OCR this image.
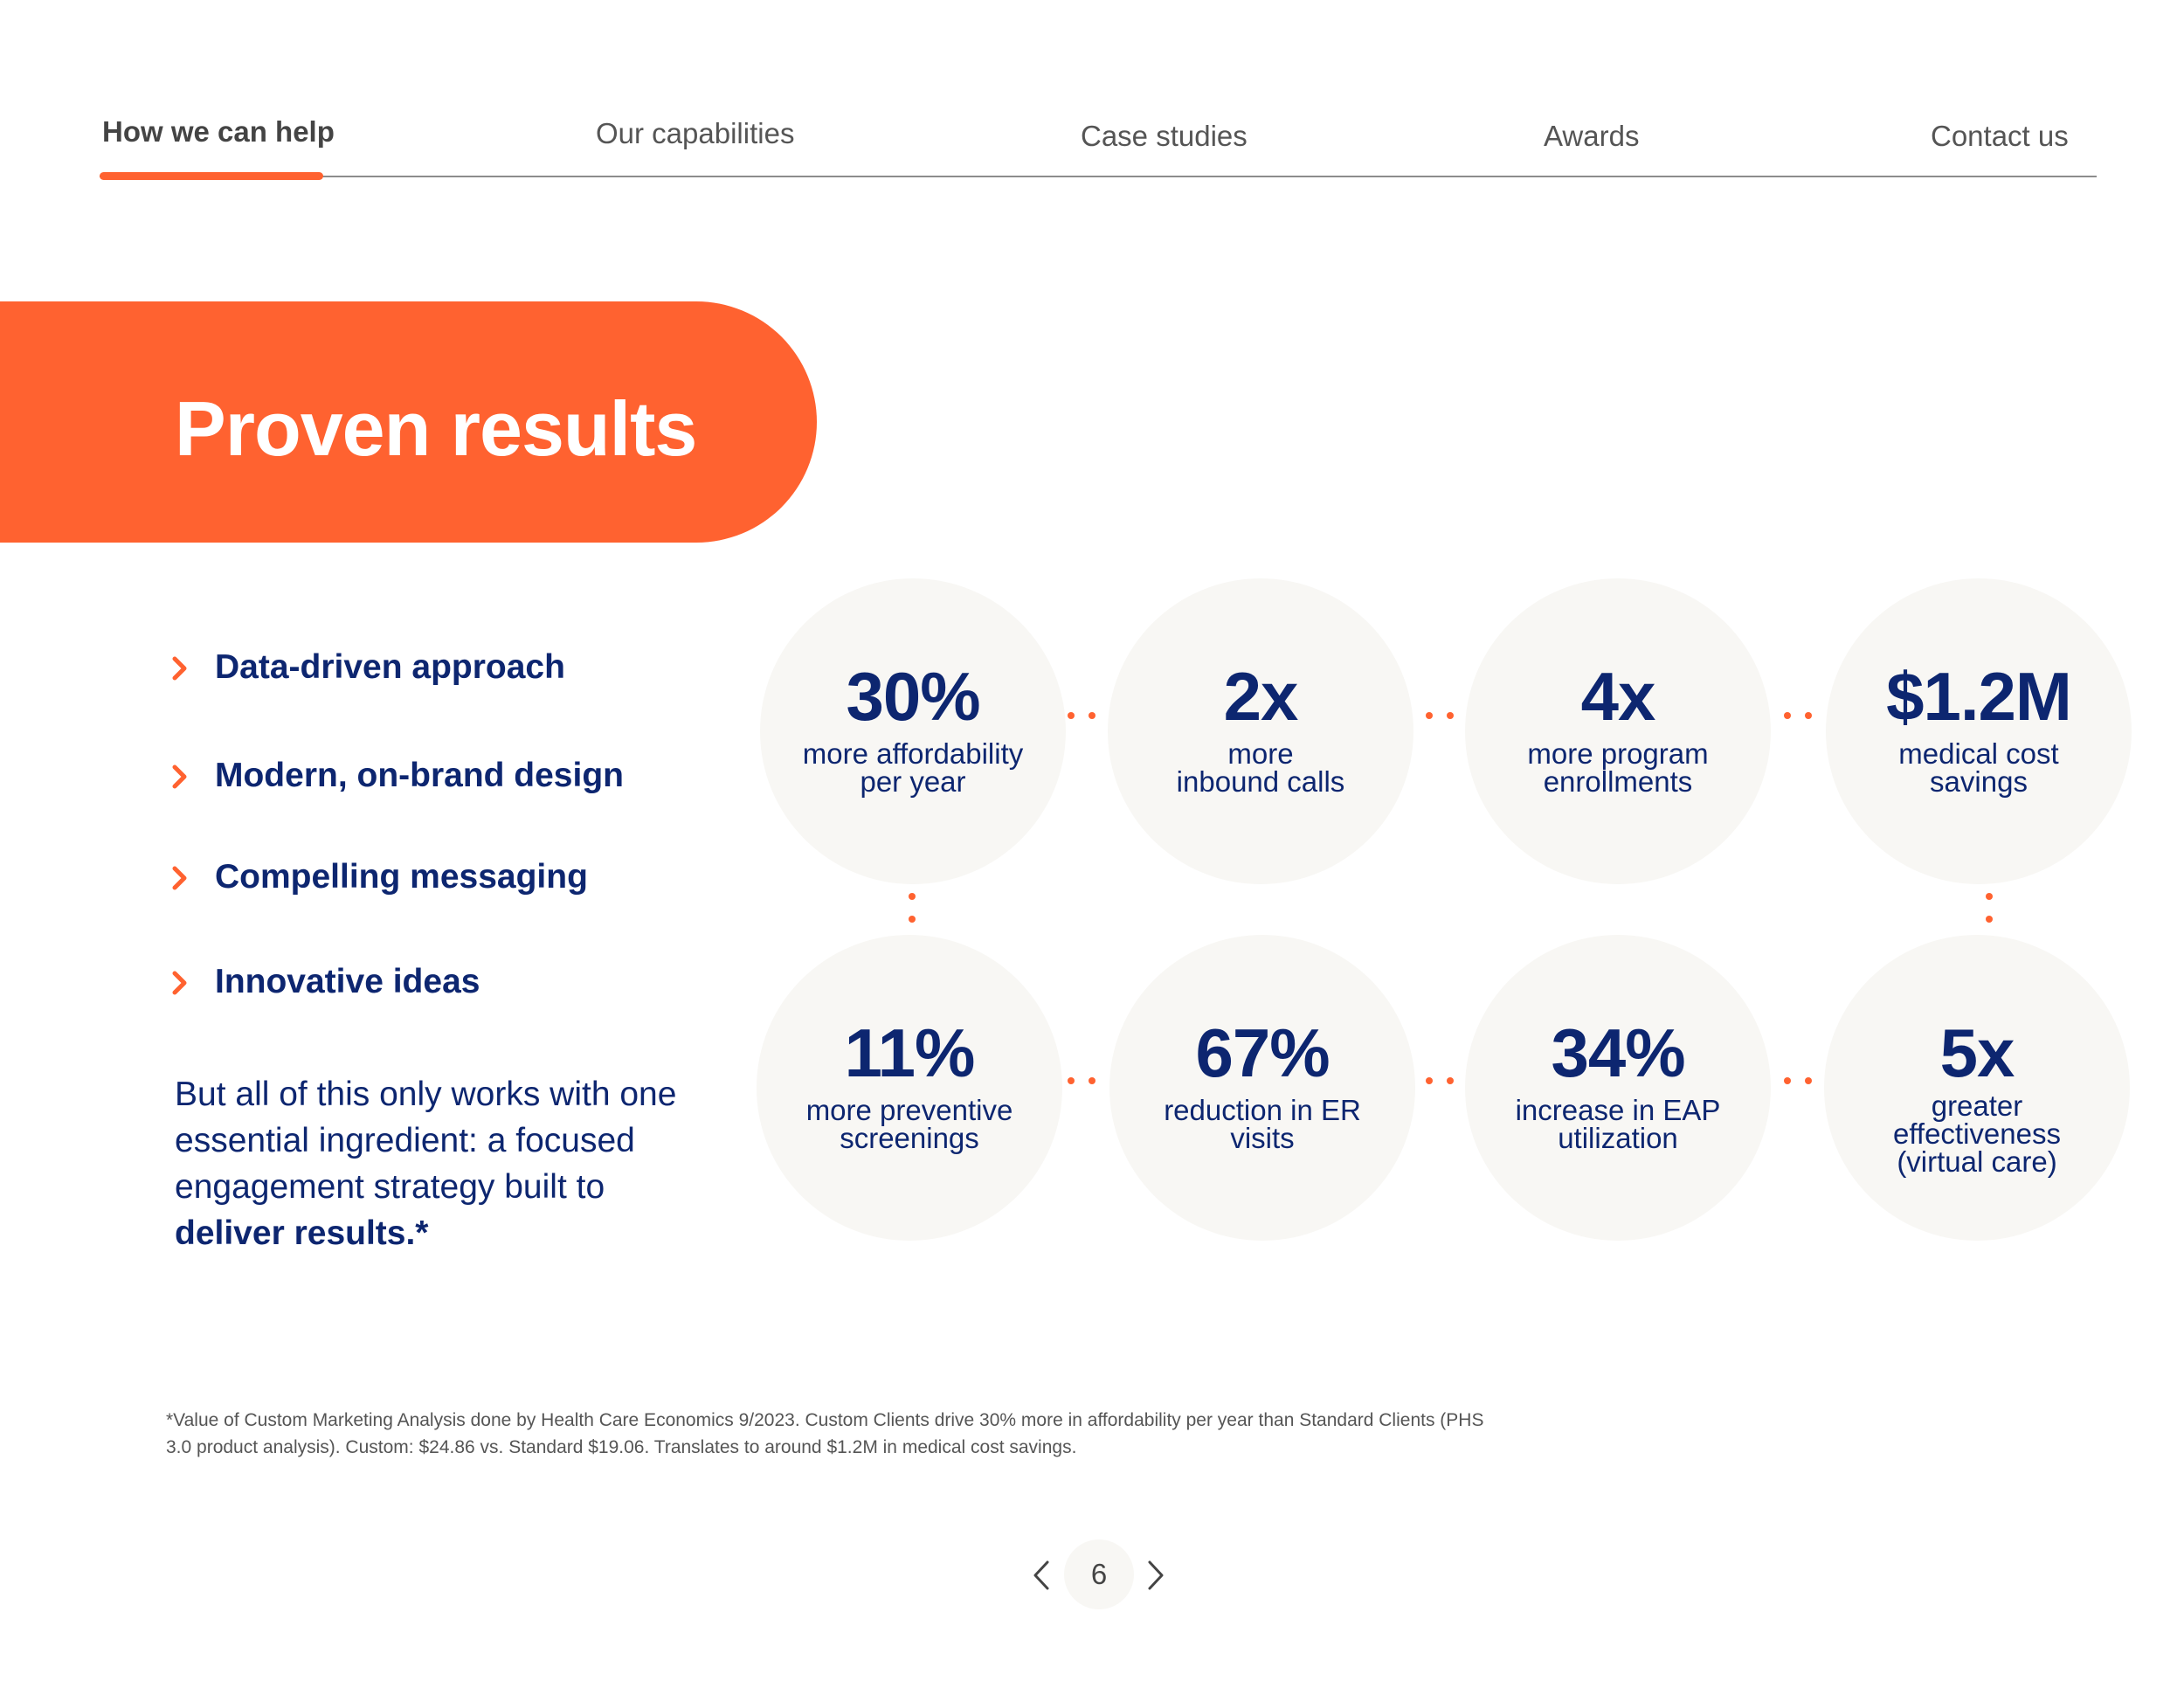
How we can help	Our capabilities	Case studies	Awards	Contact us
Proven results
Data-driven approach
Modern, on-brand design
Compelling messaging
Innovative ideas
But all of this only works with one essential ingredient: a focused engagement strategy built to deliver results.*
30%
more affordability
per year
2x
more
inbound calls
4x
more program
enrollments
$1.2M
medical cost
savings
11%
more preventive
screenings
67%
reduction in ER
visits
34%
increase in EAP
utilization
5x
greater
effectiveness
(virtual care)
*Value of Custom Marketing Analysis done by Health Care Economics 9/2023. Custom Clients drive 30% more in affordability per year than Standard Clients (PHS 3.0 product analysis). Custom: $24.86 vs. Standard $19.06. Translates to around $1.2M in medical cost savings.
6
